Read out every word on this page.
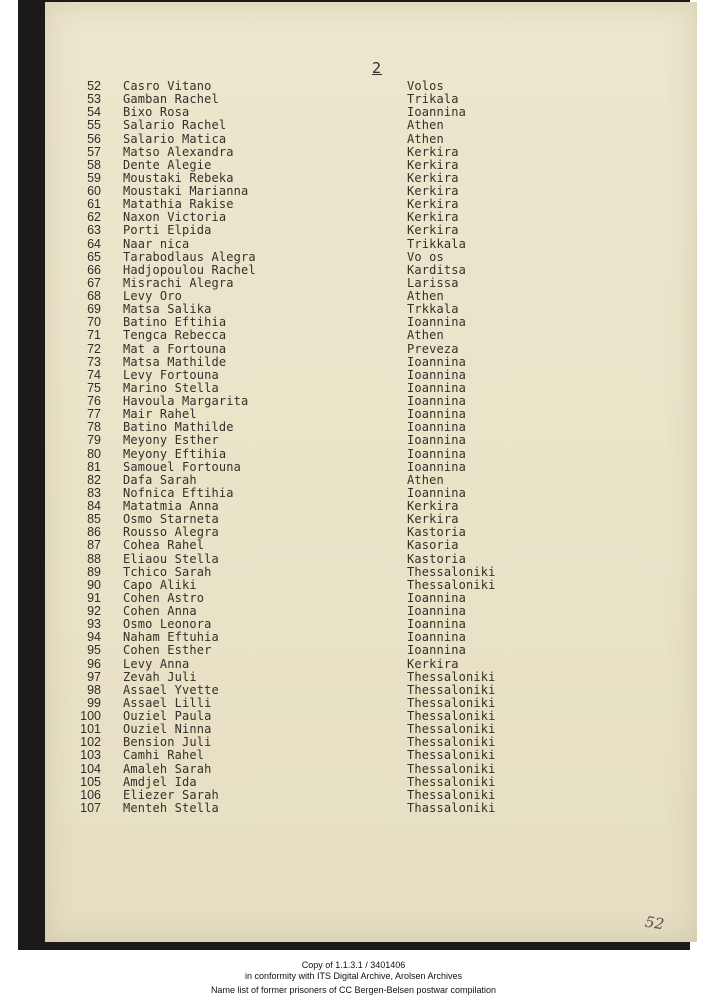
2
52 Casro Vitano	Volos
53 Gamban Rachel	Trikala
54 Bixo Rosa	Ioannina
55 Salario Rachel	Athen
56 Salario Matica	Athen
57 Matso Alexandra	Kerkira
58 Dente Alegie	Kerkira
59 Moustaki Rebeka	Kerkira
60 Moustaki Marianna	Kerkira
61 Matathia Rakise	Kerkira
62 Naxon Victoria	Kerkira
63 Porti Elpida	Kerkira
64 Naar nica	Trikkala
65 Tarabodlaus Alegra	Vo os
66 Hadjopoulou Rachel	Karditsa
67 Misrachi Alegra	Larissa
68 Levy Oro	Athen
69 Matsa Salika	Trkkala
70 Batino Eftihia	Ioannina
71 Tengca Rebecca	Athen
72 Mat a Fortouna	Preveza
73 Matsa Mathilde	Ioannina
74 Levy Fortouna	Ioannina
75 Marino Stella	Ioannina
76 Havoula Margarita	Ioannina
77 Mair Rahel	Ioannina
78 Batino Mathilde	Ioannina
79 Meyony Esther	Ioannina
80 Meyony Eftihia	Ioannina
81 Samouel Fortouna	Ioannina
82 Dafa Sarah	Athen
83 Nofnica Eftihia	Ioannina
84 Matatmia Anna	Kerkira
85 Osmo Starneta	Kerkira
86 Rousso Alegra	Kastoria
87 Cohea Rahel	Kasoria
88 Eliaou Stella	Kastoria
89 Tchico Sarah	Thessaloniki
90 Capo Aliki	Thessaloniki
91 Cohen Astro	Ioannina
92 Cohen Anna	Ioannina
93 Osmo Leonora	Ioannina
94 Naham Eftuhia	Ioannina
95 Cohen Esther	Ioannina
96 Levy Anna	Kerkira
97 Zevah Juli	Thessaloniki
98 Assael Yvette	Thessaloniki
99 Assael Lilli	Thessaloniki
100 Ouziel Paula	Thessaloniki
101 Ouziel Ninna	Thessaloniki
102 Bension Juli	Thessaloniki
103 Camhi Rahel	Thessaloniki
104 Amaleh Sarah	Thessaloniki
105 Amdjel Ida	Thessaloniki
106 Eliezer Sarah	Thessaloniki
107 Menteh Stella	Thassaloniki
52
Copy of 1.1.3.1 / 3401406
in conformity with ITS Digital Archive, Arolsen Archives
Name list of former prisoners of CC Bergen-Belsen postwar compilation
